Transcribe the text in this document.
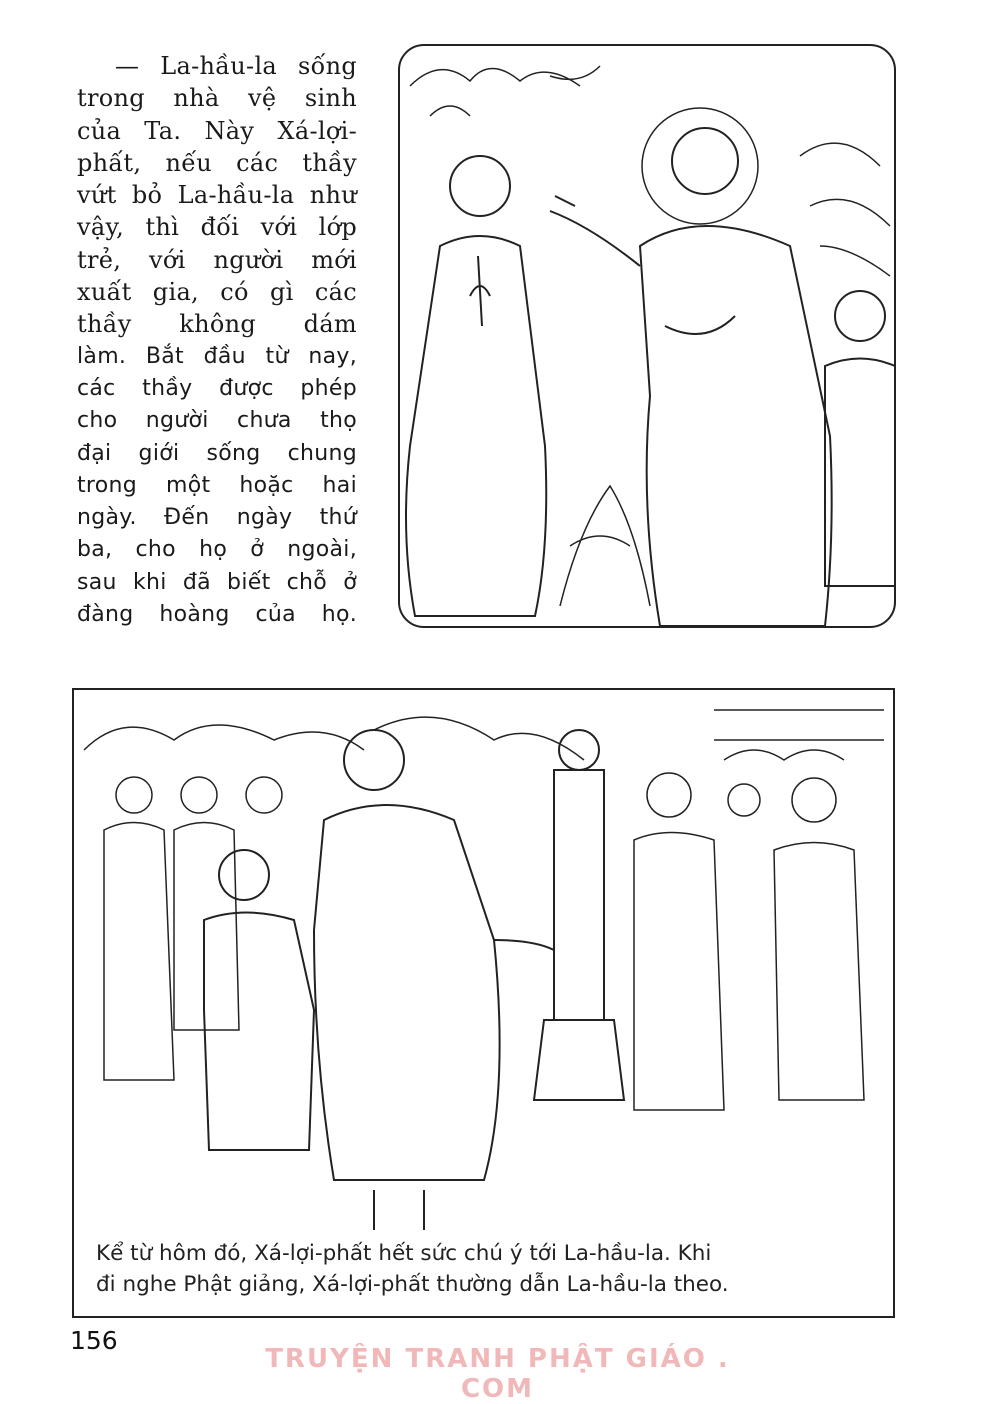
— La-hầu-la sống
trong nhà vệ sinh
của Ta. Này Xá-lợi-
phất, nếu các thầy
vứt bỏ La-hầu-la như
vậy, thì đối với lớp
trẻ, với người mới
xuất gia, có gì các
thầy không dám
làm. Bắt đầu từ nay,
các thầy được phép
cho người chưa thọ
đại giới sống chung
trong một hoặc hai
ngày. Đến ngày thứ
ba, cho họ ở ngoài,
sau khi đã biết chỗ ở
đàng hoàng của họ.
Kể từ hôm đó, Xá-lợi-phất hết sức chú ý tới La-hầu-la. Khi
đi nghe Phật giảng, Xá-lợi-phất thường dẫn La-hầu-la theo.
156
TRUYỆN TRANH PHẬT GIÁO . COM
